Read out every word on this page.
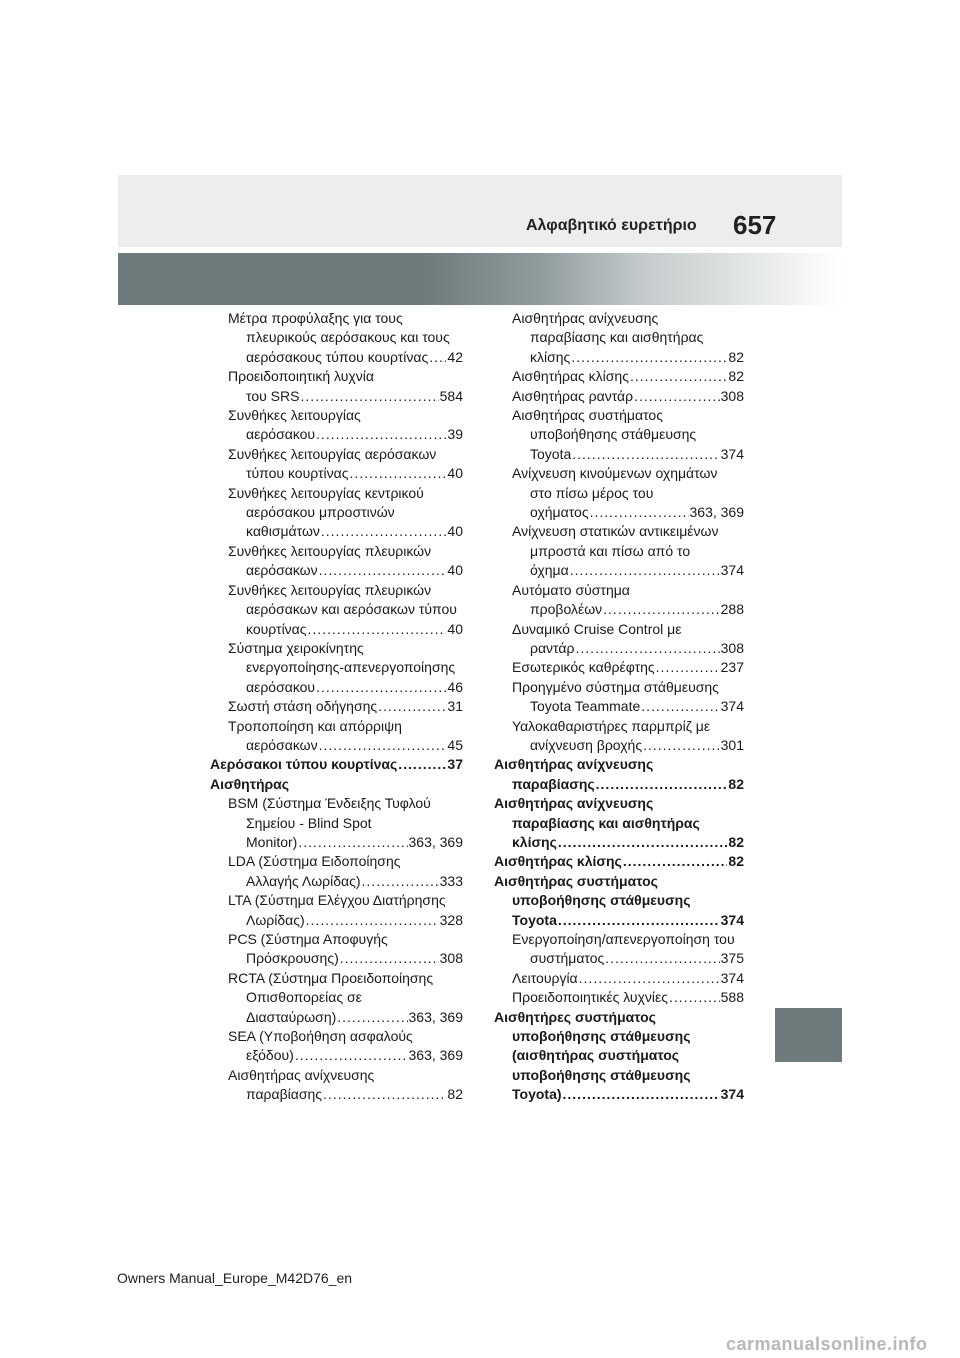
Αλφαβητικό ευρετήριο 657
Μέτρα προφύλαξης για τους
πλευρικούς αερόσακους και τους
αερόσακους τύπου κουρτίνας ..... 42
Προειδοποιητική λυχνία
του SRS .....	584
Συνθήκες λειτουργίας
αερόσακου .....	39
Συνθήκες λειτουργίας αερόσακων
τύπου κουρτίνας .....	40
Συνθήκες λειτουργίας κεντρικού
αερόσακου μπροστινών
καθισμάτων .....	40
Συνθήκες λειτουργίας πλευρικών
αερόσακων .....	40
Συνθήκες λειτουργίας πλευρικών
αερόσακων και αερόσακων τύπου
κουρτίνας .....	40
Σύστημα χειροκίνητης
ενεργοποίησης-απενεργοποίησης
αερόσακου .....	46
Σωστή στάση οδήγησης .....	31
Τροποποίηση και απόρριψη
αερόσακων .....	45
Αερόσακοι τύπου κουρτίνας .....	37
Αισθητήρας
BSM (Σύστημα Ένδειξης Τυφλού
Σημείου - Blind Spot
Monitor) .....	363, 369
LDA (Σύστημα Ειδοποίησης
Αλλαγής Λωρίδας) .....	333
LTA (Σύστημα Ελέγχου Διατήρησης
Λωρίδας) .....	328
PCS (Σύστημα Αποφυγής
Πρόσκρουσης) .....	308
RCTA (Σύστημα Προειδοποίησης
Οπισθοπορείας σε
Διασταύρωση) .....	363, 369
SEA (Υποβοήθηση ασφαλούς
εξόδου) .....	363, 369
Αισθητήρας ανίχνευσης
παραβίασης .....	82
Αισθητήρας ανίχνευσης
παραβίασης και αισθητήρας
κλίσης .....	82
Αισθητήρας κλίσης .....	82
Αισθητήρας ραντάρ .....	308
Αισθητήρας συστήματος
υποβοήθησης στάθμευσης
Toyota .....	374
Ανίχνευση κινούμενων οχημάτων
στο πίσω μέρος του
οχήματος .....	363, 369
Ανίχνευση στατικών αντικειμένων
μπροστά και πίσω από το
όχημα .....	374
Αυτόματο σύστημα
προβολέων .....	288
Δυναμικό Cruise Control με
ραντάρ .....	308
Εσωτερικός καθρέφτης .....	237
Προηγμένο σύστημα στάθμευσης
Toyota Teammate .....	374
Υαλοκαθαριστήρες παρμπρίζ με
ανίχνευση βροχής .....	301
Αισθητήρας ανίχνευσης
παραβίασης .....	82
Αισθητήρας ανίχνευσης
παραβίασης και αισθητήρας
κλίσης .....	82
Αισθητήρας κλίσης .....	82
Αισθητήρας συστήματος
υποβοήθησης στάθμευσης
Toyota .....	374
Ενεργοποίηση/απενεργοποίηση του
συστήματος .....	375
Λειτουργία .....	374
Προειδοποιητικές λυχνίες .....	588
Αισθητήρες συστήματος
υποβοήθησης στάθμευσης
(αισθητήρας συστήματος
υποβοήθησης στάθμευσης
Toyota) .....	374
Owners Manual_Europe_M42D76_en
carmanualsonline.info
